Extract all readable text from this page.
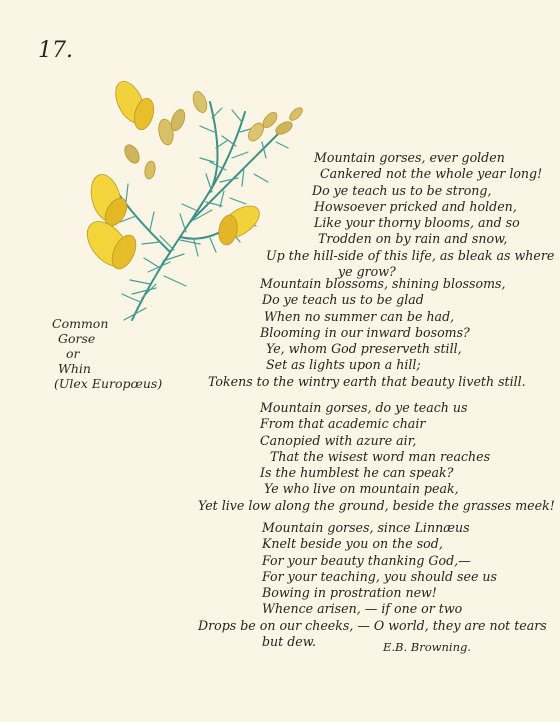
17.
Common
Gorse
or
Whin
(Ulex Europœus)
Mountain gorses, ever golden
Cankered not the whole year long!
Do ye teach us to be strong,
Howsoever pricked and holden,
Like your thorny blooms, and so
Trodden on by rain and snow,
Up the hill-side of this life, as bleak as where
ye grow?
Mountain blossoms, shining blossoms,
Do ye teach us to be glad
When no summer can be had,
Blooming in our inward bosoms?
Ye, whom God preserveth still,
Set as lights upon a hill;
Tokens to the wintry earth that beauty liveth still.
Mountain gorses, do ye teach us
From that academic chair
Canopied with azure air,
That the wisest word man reaches
Is the humblest he can speak?
Ye who live on mountain peak,
Yet live low along the ground, beside the grasses meek!
Mountain gorses, since Linnæus
Knelt beside you on the sod,
For your beauty thanking God,—
For your teaching, you should see us
Bowing in prostration new!
Whence arisen, — if one or two
Drops be on our cheeks, — O world, they are not tears
but dew.	E.B. Browning.
